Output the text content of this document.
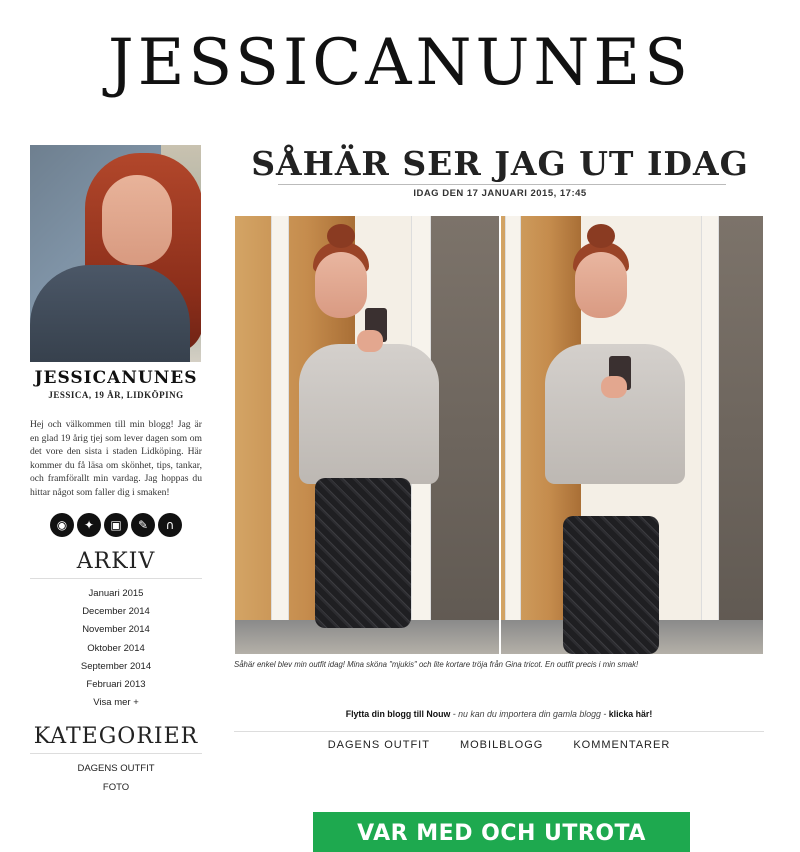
JESSICANUNES
JESSICANUNES
JESSICA, 19 ÅR, LIDKÖPING
Hej och välkommen till min blogg! Jag är en glad 19 årig tjej som lever dagen som om det vore den sista i staden Lidköping. Här kommer du få läsa om skönhet, tips, tankar, och framförallt min vardag. Jag hoppas du hittar något som faller dig i smaken!
◉	✦	▣	✎	∩
ARKIV
Januari 2015
December 2014
November 2014
Oktober 2014
September 2014
Februari 2013
Visa mer +
KATEGORIER
DAGENS OUTFIT
FOTO
SÅHÄR SER JAG UT IDAG
IDAG DEN 17 JANUARI 2015, 17:45
Såhär enkel blev min outfit idag! Mina sköna "mjukis" och lite kortare tröja från Gina tricot. En outfit precis i min smak!
Flytta din blogg till Nouw - nu kan du importera din gamla blogg - klicka här!
DAGENS OUTFIT	MOBILBLOGG	KOMMENTARER
VAR MED OCH UTROTA
